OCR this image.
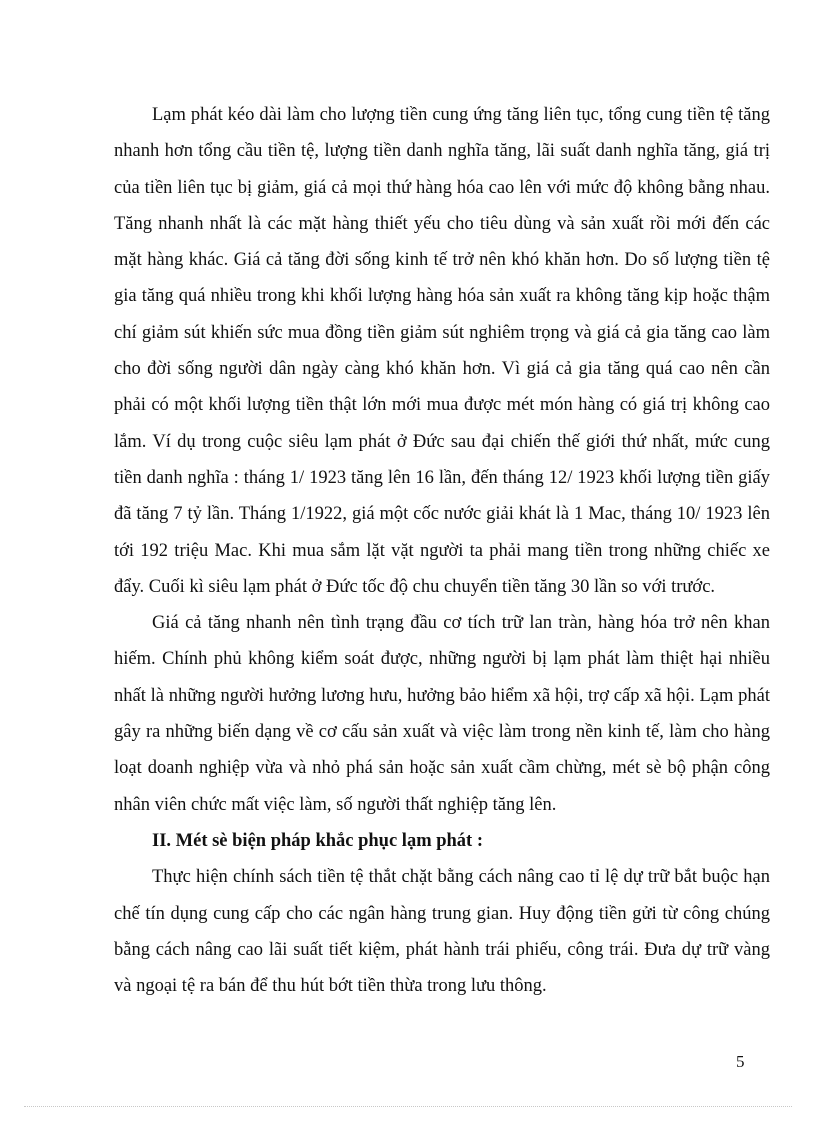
Lạm phát kéo dài làm cho lượng tiền cung ứng tăng liên tục, tổng cung tiền tệ tăng nhanh hơn tổng cầu tiền tệ, lượng tiền danh nghĩa tăng, lãi suất danh nghĩa tăng, giá trị của tiền liên tục bị giảm, giá cả mọi thứ hàng hóa cao lên với mức độ không bằng nhau. Tăng nhanh nhất là các mặt hàng thiết yếu cho tiêu dùng và sản xuất rồi mới đến các mặt hàng khác. Giá cả tăng đời sống kinh tế trở nên khó khăn hơn. Do số lượng tiền tệ gia tăng quá nhiều trong khi khối lượng hàng hóa sản xuất ra không tăng kịp hoặc thậm chí giảm sút khiến sức mua đồng tiền giảm sút nghiêm trọng và giá cả gia tăng cao làm cho đời sống người dân ngày càng khó khăn hơn. Vì giá cả gia tăng quá cao nên cần phải có một khối lượng tiền thật lớn mới mua được mét món hàng có giá trị không cao lắm. Ví dụ trong cuộc siêu lạm phát ở Đức sau đại chiến thế giới thứ nhất, mức cung tiền danh nghĩa : tháng 1/ 1923 tăng lên 16 lần, đến tháng 12/ 1923 khối lượng tiền giấy đã tăng 7 tỷ lần. Tháng 1/1922, giá một cốc nước giải khát là 1 Mac, tháng 10/ 1923 lên tới 192 triệu Mac. Khi mua sắm lặt vặt người ta phải mang tiền trong những chiếc xe đẩy. Cuối kì siêu lạm phát ở Đức tốc độ chu chuyển tiền tăng 30 lần so với trước.

Giá cả tăng nhanh nên tình trạng đầu cơ tích trữ lan tràn, hàng hóa trở nên khan hiếm. Chính phủ không kiểm soát được, những người bị lạm phát làm thiệt hại nhiều nhất là những người hưởng lương hưu, hưởng bảo hiểm xã hội, trợ cấp xã hội. Lạm phát gây ra những biến dạng về cơ cấu sản xuất và việc làm trong nền kinh tế, làm cho hàng loạt doanh nghiệp vừa và nhỏ phá sản hoặc sản xuất cầm chừng, mét sè bộ phận công nhân viên chức mất việc làm, số người thất nghiệp tăng lên.

II. Mét sè biện pháp khắc phục lạm phát :

Thực hiện chính sách tiền tệ thắt chặt bằng cách nâng cao tỉ lệ dự trữ bắt buộc hạn chế tín dụng cung cấp cho các ngân hàng trung gian. Huy động tiền gửi từ công chúng bằng cách nâng cao lãi suất tiết kiệm, phát hành trái phiếu, công trái. Đưa dự trữ vàng và ngoại tệ ra bán để thu hút bớt tiền thừa trong lưu thông.

5
